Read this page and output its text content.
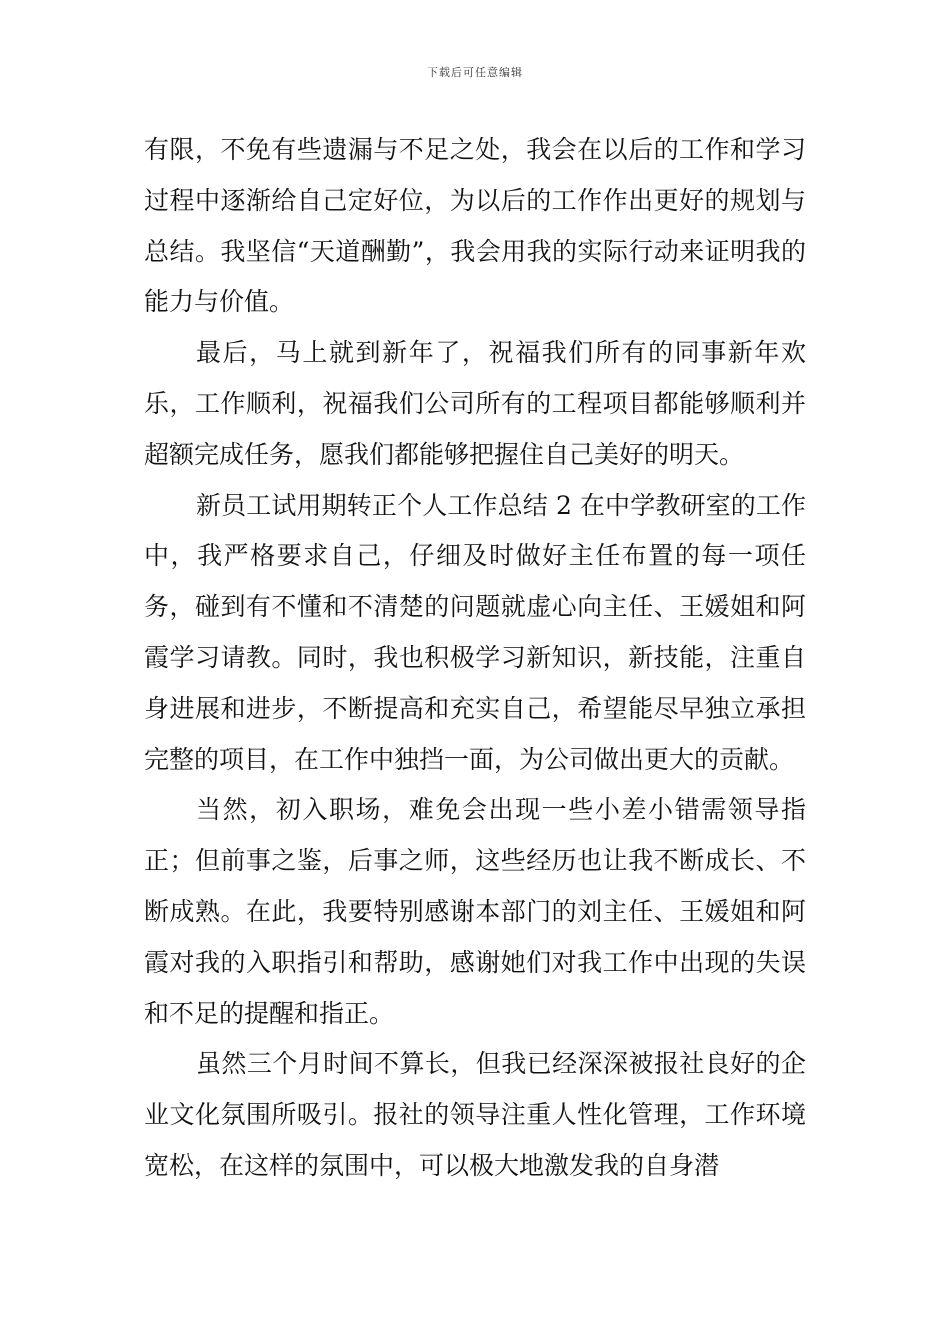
下载后可任意编辑

有限，不免有些遗漏与不足之处，我会在以后的工作和学习过程中逐渐给自己定好位，为以后的工作作出更好的规划与总结。我坚信“天道酬勤”，我会用我的实际行动来证明我的能力与价值。

最后，马上就到新年了，祝福我们所有的同事新年欢乐，工作顺利，祝福我们公司所有的工程项目都能够顺利并超额完成任务，愿我们都能够把握住自己美好的明天。

新员工试用期转正个人工作总结 2 在中学教研室的工作中，我严格要求自己，仔细及时做好主任布置的每一项任务，碰到有不懂和不清楚的问题就虚心向主任、王媛姐和阿霞学习请教。同时，我也积极学习新知识，新技能，注重自身进展和进步，不断提高和充实自己，希望能尽早独立承担完整的项目，在工作中独挡一面，为公司做出更大的贡献。

当然，初入职场，难免会出现一些小差小错需领导指正；但前事之鉴，后事之师，这些经历也让我不断成长、不断成熟。在此，我要特别感谢本部门的刘主任、王媛姐和阿霞对我的入职指引和帮助，感谢她们对我工作中出现的失误和不足的提醒和指正。

虽然三个月时间不算长，但我已经深深被报社良好的企业文化氛围所吸引。报社的领导注重人性化管理，工作环境宽松，在这样的氛围中，可以极大地激发我的自身潜
